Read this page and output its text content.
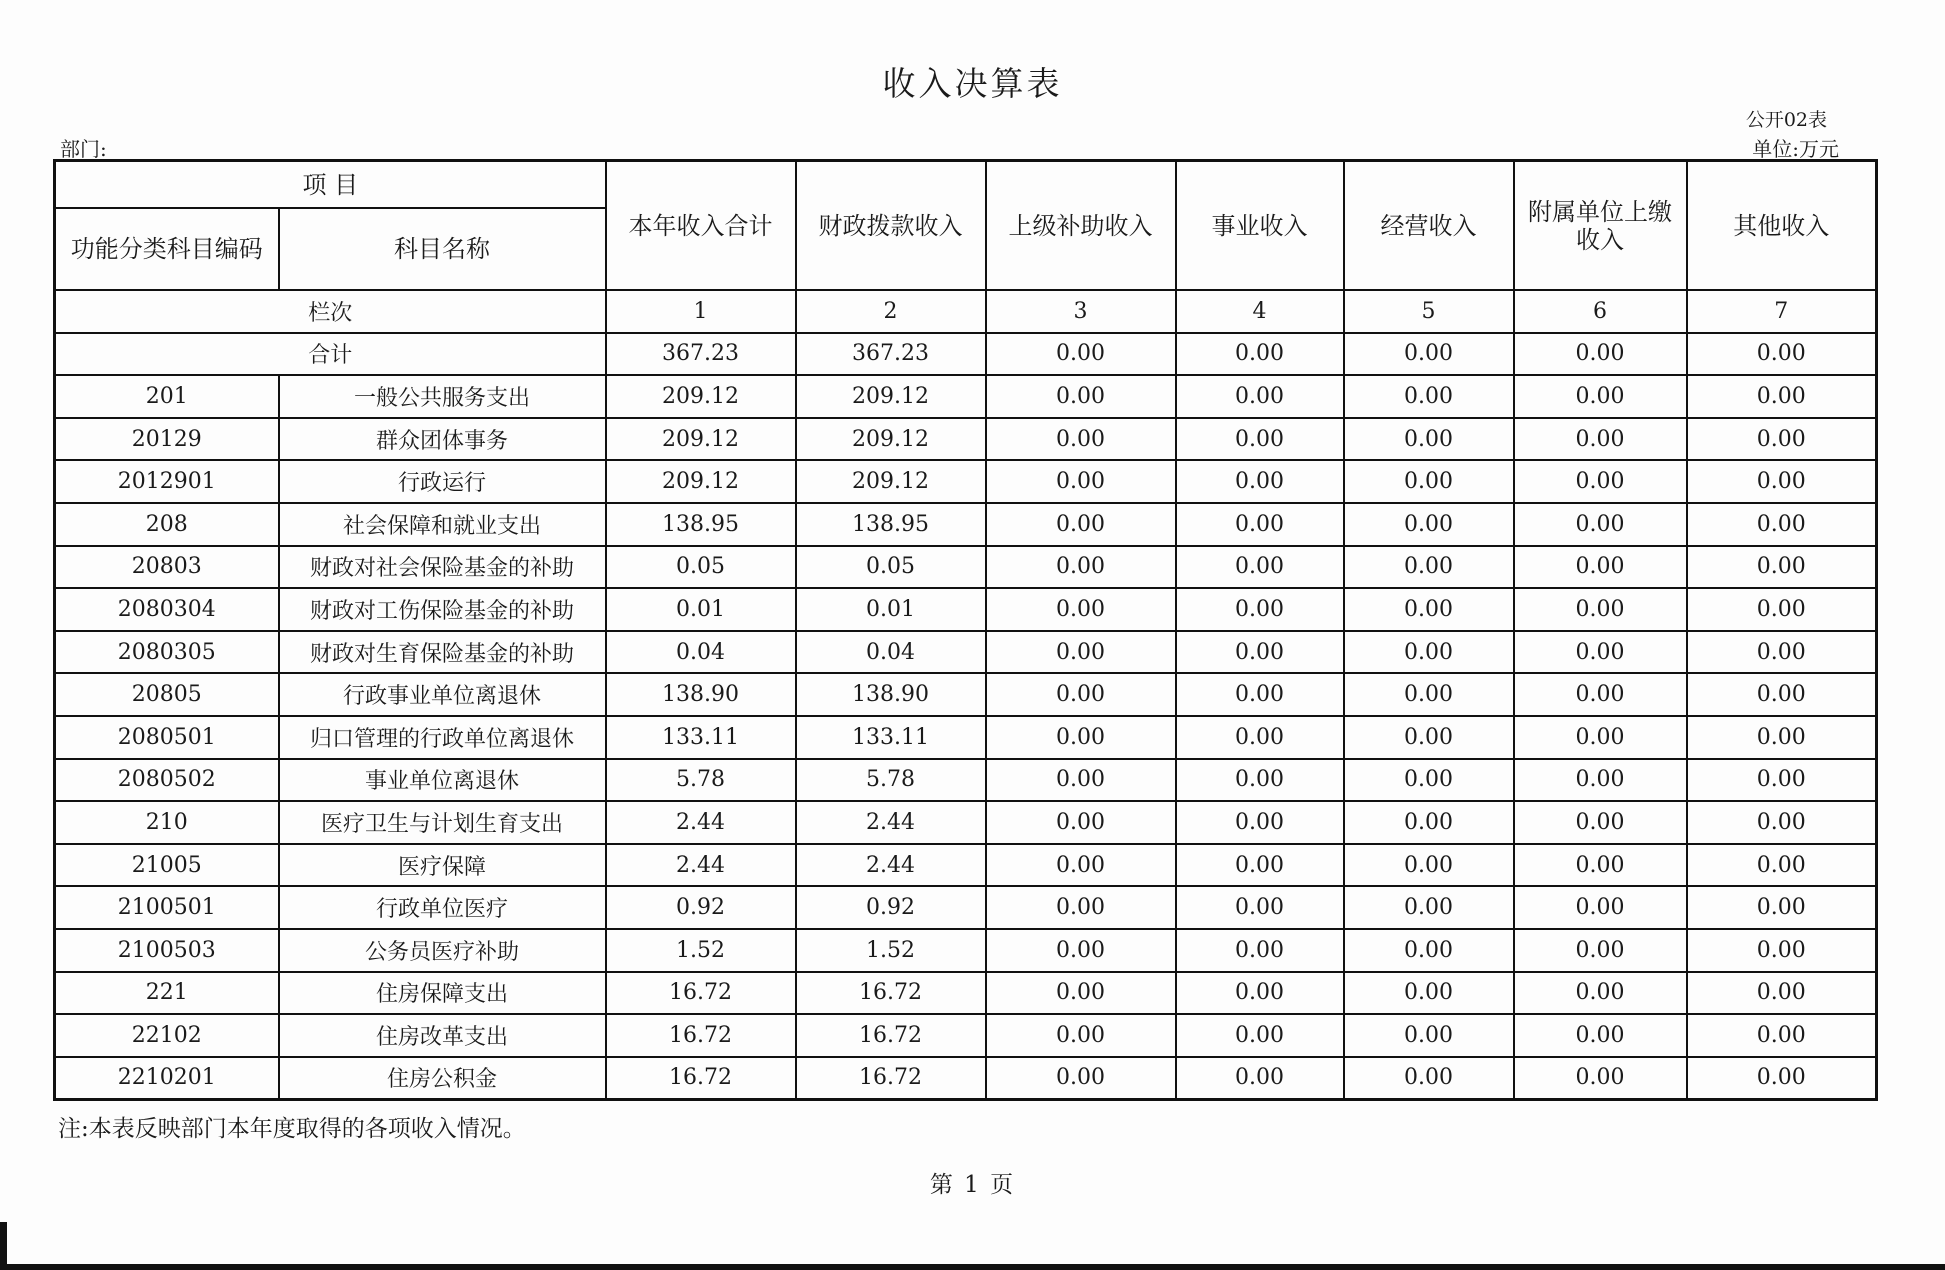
收入决算表
公开02表
部门:	单位:万元
项 目		本年收入合计	财政拨款收入	上级补助收入	事业收入	经营收入	附属单位上缴收入	其他收入
功能分类科目编码	科目名称							
栏次		1	2	3	4	5	6	7
合计		367.23	367.23	0.00	0.00	0.00	0.00	0.00
201	一般公共服务支出	209.12	209.12	0.00	0.00	0.00	0.00	0.00
20129	群众团体事务	209.12	209.12	0.00	0.00	0.00	0.00	0.00
2012901	行政运行	209.12	209.12	0.00	0.00	0.00	0.00	0.00
208	社会保障和就业支出	138.95	138.95	0.00	0.00	0.00	0.00	0.00
20803	财政对社会保险基金的补助	0.05	0.05	0.00	0.00	0.00	0.00	0.00
2080304	财政对工伤保险基金的补助	0.01	0.01	0.00	0.00	0.00	0.00	0.00
2080305	财政对生育保险基金的补助	0.04	0.04	0.00	0.00	0.00	0.00	0.00
20805	行政事业单位离退休	138.90	138.90	0.00	0.00	0.00	0.00	0.00
2080501	归口管理的行政单位离退休	133.11	133.11	0.00	0.00	0.00	0.00	0.00
2080502	事业单位离退休	5.78	5.78	0.00	0.00	0.00	0.00	0.00
210	医疗卫生与计划生育支出	2.44	2.44	0.00	0.00	0.00	0.00	0.00
21005	医疗保障	2.44	2.44	0.00	0.00	0.00	0.00	0.00
2100501	行政单位医疗	0.92	0.92	0.00	0.00	0.00	0.00	0.00
2100503	公务员医疗补助	1.52	1.52	0.00	0.00	0.00	0.00	0.00
221	住房保障支出	16.72	16.72	0.00	0.00	0.00	0.00	0.00
22102	住房改革支出	16.72	16.72	0.00	0.00	0.00	0.00	0.00
2210201	住房公积金	16.72	16.72	0.00	0.00	0.00	0.00	0.00
注:本表反映部门本年度取得的各项收入情况。
第 1 页
